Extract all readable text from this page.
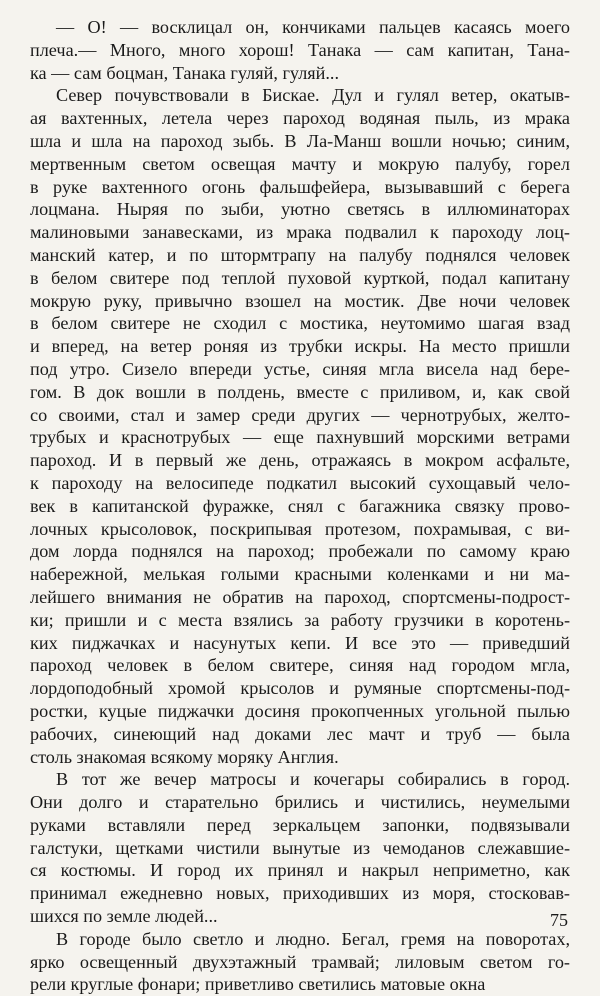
— О! — восклицал он, кончиками пальцев касаясь моего
плеча.— Много, много хорош! Танака — сам капитан, Тана-
ка — сам боцман, Танака гуляй, гуляй...
Север почувствовали в Бискае. Дул и гулял ветер, окатыв-
ая вахтенных, летела через пароход водяная пыль, из мрака
шла и шла на пароход зыбь. В Ла-Манш вошли ночью; синим,
мертвенным светом освещая мачту и мокрую палубу, горел
в руке вахтенного огонь фальшфейера, вызывавший с берега
лоцмана. Ныряя по зыби, уютно светясь в иллюминаторах
малиновыми занавесками, из мрака подвалил к пароходу лоц-
манский катер, и по штормтрапу на палубу поднялся человек
в белом свитере под теплой пуховой курткой, подал капитану
мокрую руку, привычно взошел на мостик. Две ночи человек
в белом свитере не сходил с мостика, неутомимо шагая взад
и вперед, на ветер роняя из трубки искры. На место пришли
под утро. Сизело впереди устье, синяя мгла висела над бере-
гом. В док вошли в полдень, вместе с приливом, и, как свой
со своими, стал и замер среди других — чернотрубых, желто-
трубых и краснотрубых — еще пахнувший морскими ветрами
пароход. И в первый же день, отражаясь в мокром асфальте,
к пароходу на велосипеде подкатил высокий сухощавый чело-
век в капитанской фуражке, снял с багажника связку прово-
лочных крысоловок, поскрипывая протезом, похрамывая, с ви-
дом лорда поднялся на пароход; пробежали по самому краю
набережной, мелькая голыми красными коленками и ни ма-
лейшего внимания не обратив на пароход, спортсмены-подрост-
ки; пришли и с места взялись за работу грузчики в коротень-
ких пиджачках и насунутых кепи. И все это — приведший
пароход человек в белом свитере, синяя над городом мгла,
лордоподобный хромой крысолов и румяные спортсмены-под-
ростки, куцые пиджачки досиня прокопченных угольной пылью
рабочих, синеющий над доками лес мачт и труб — была
столь знакомая всякому моряку Англия.
В тот же вечер матросы и кочегары собирались в город.
Они долго и старательно брились и чистились, неумелыми
руками вставляли перед зеркальцем запонки, подвязывали
галстуки, щетками чистили вынутые из чемоданов слежавшие-
ся костюмы. И город их принял и накрыл неприметно, как
принимал ежедневно новых, приходивших из моря, стосковав-
шихся по земле людей...
В городе было светло и людно. Бегал, гремя на поворотах,
ярко освещенный двухэтажный трамвай; лиловым светом го-
рели круглые фонари; приветливо светились матовые окна
75
